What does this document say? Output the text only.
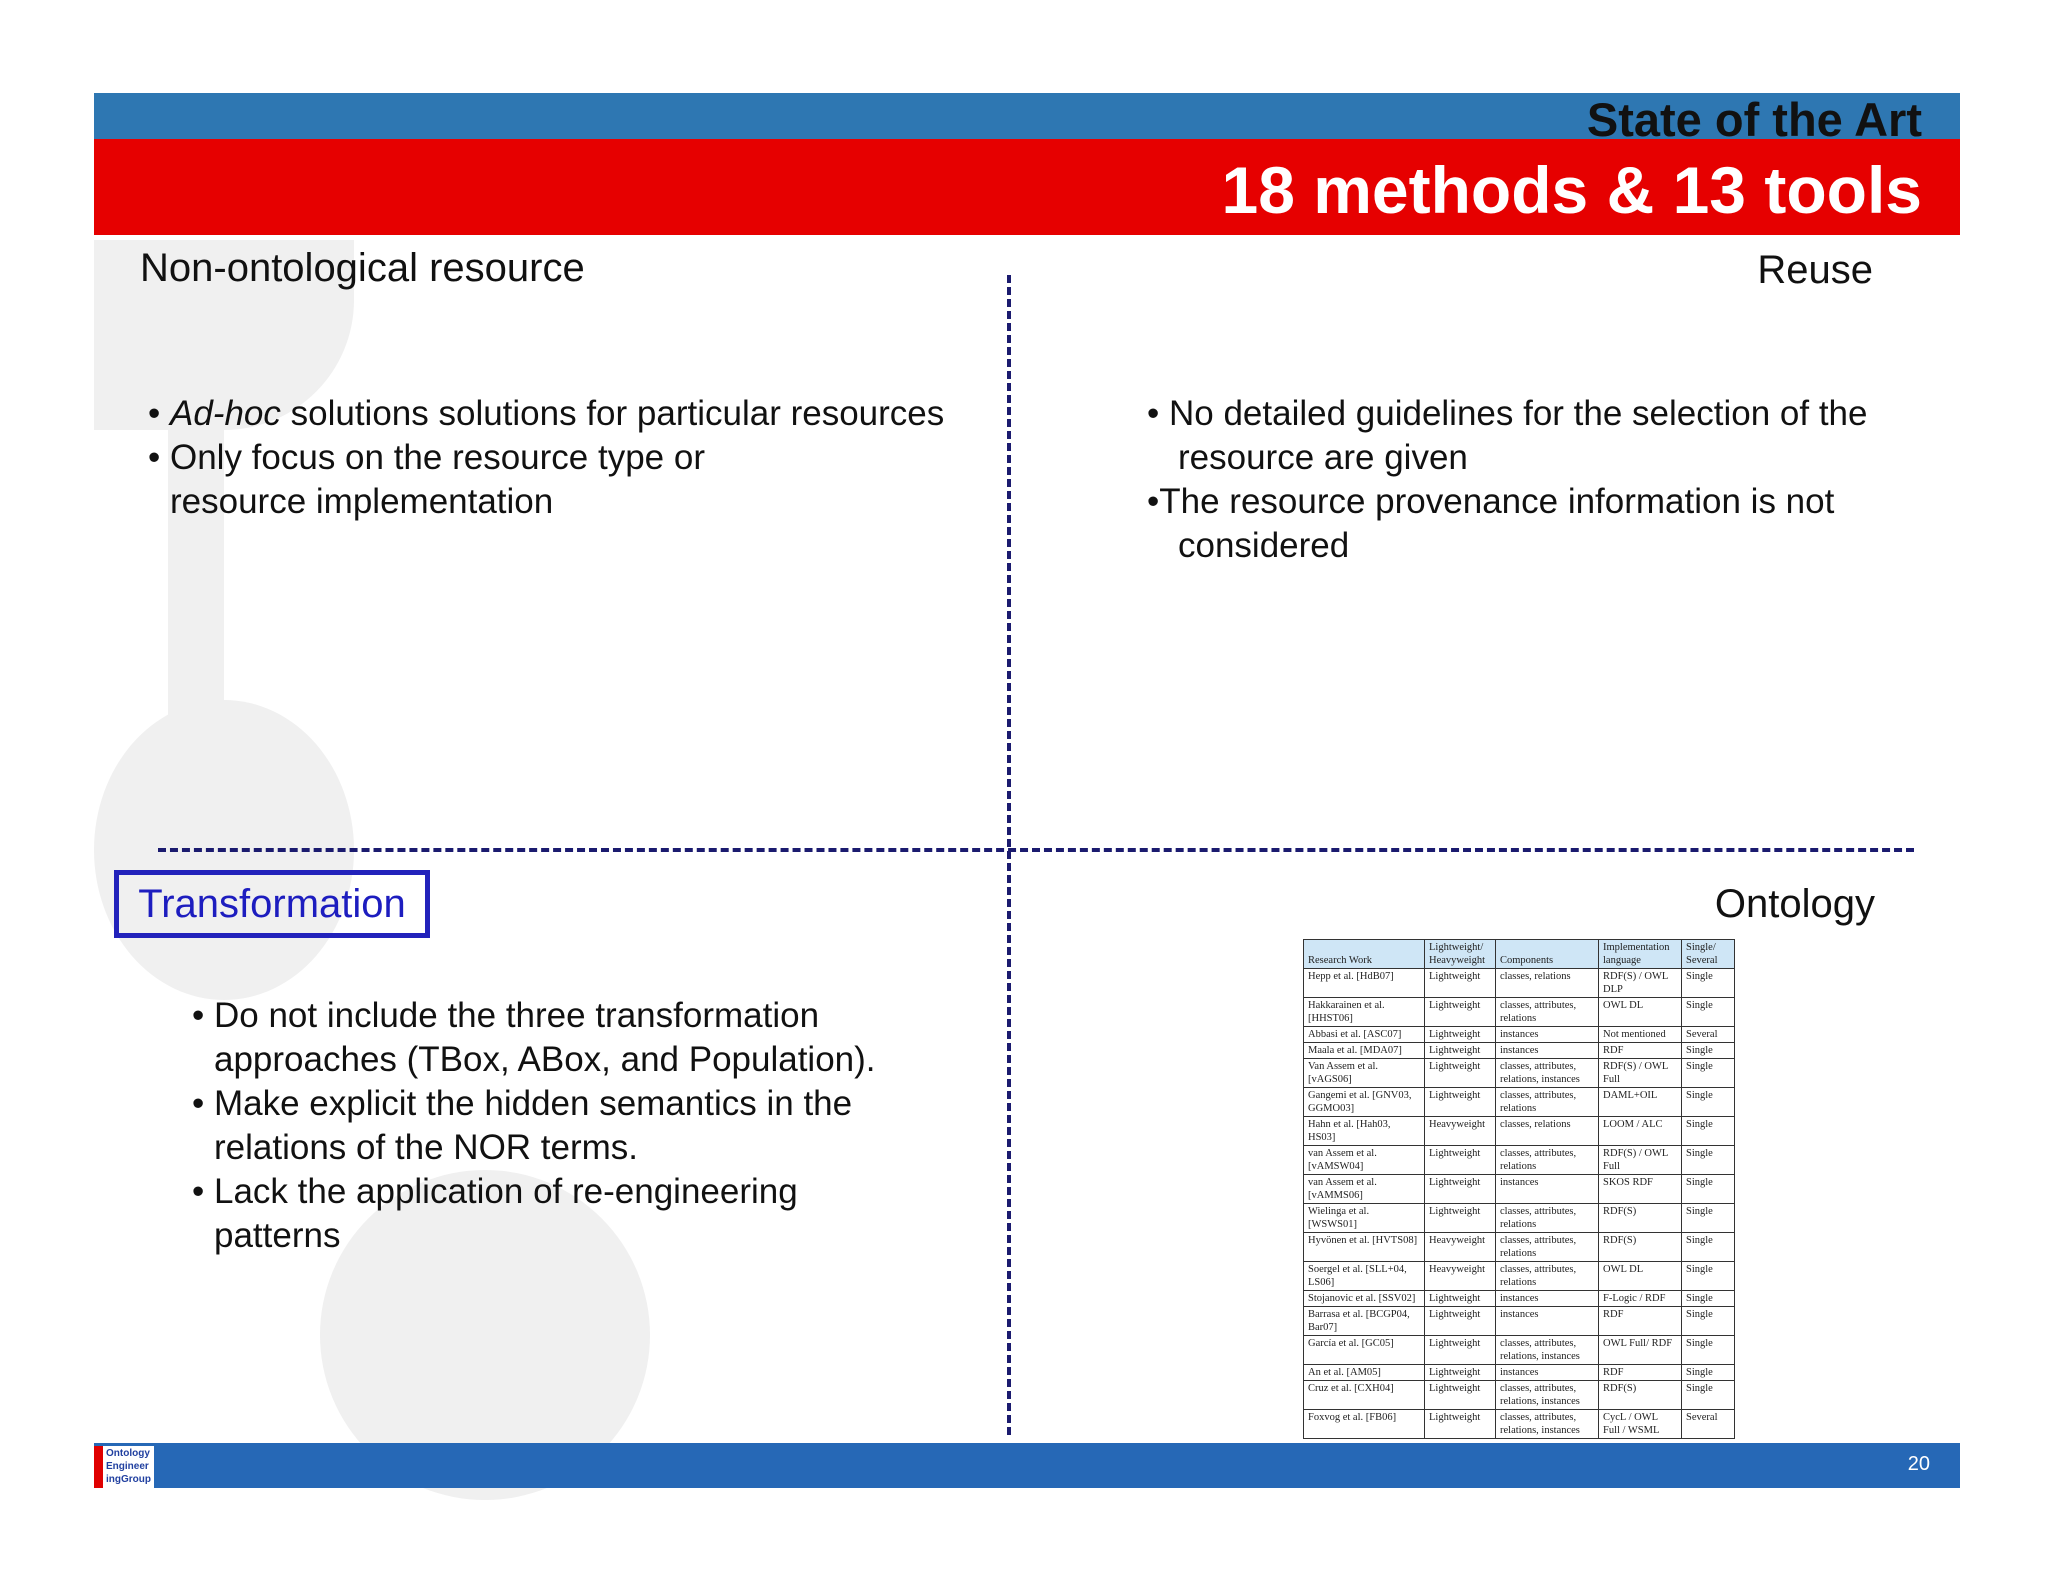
State of the Art
18 methods & 13 tools
Non-ontological resource	Reuse
Ontology
Transformation
• Ad-hoc solutions solutions for particular resources
• Only focus on the resource type or
resource implementation
• No detailed guidelines for the selection of the
resource are given
•The resource provenance information is not
considered
• Do not include the three transformation
approaches (TBox, ABox, and Population).
• Make explicit the hidden semantics in the
relations of the NOR terms.
• Lack the application of re-engineering
patterns
Research Work	Lightweight/ Heavyweight	Components	Implementation language	Single/ Several
Hepp et al. [HdB07]	Lightweight	classes, relations	RDF(S) / OWL DLP	Single
Hakkarainen et al. [HHST06]	Lightweight	classes, attributes, relations	OWL DL	Single
Abbasi et al. [ASC07]	Lightweight	instances	Not mentioned	Several
Maala et al. [MDA07]	Lightweight	instances	RDF	Single
Van Assem et al. [vAGS06]	Lightweight	classes, attributes, relations, instances	RDF(S) / OWL Full	Single
Gangemi et al. [GNV03, GGMO03]	Lightweight	classes, attributes, relations	DAML+OIL	Single
Hahn et al. [Hah03, HS03]	Heavyweight	classes, relations	LOOM / ALC	Single
van Assem et al. [vAMSW04]	Lightweight	classes, attributes, relations	RDF(S) / OWL Full	Single
van Assem et al. [vAMMS06]	Lightweight	instances	SKOS RDF	Single
Wielinga et al. [WSWS01]	Lightweight	classes, attributes, relations	RDF(S)	Single
Hyvönen et al. [HVTS08]	Heavyweight	classes, attributes, relations	RDF(S)	Single
Soergel et al. [SLL+04, LS06]	Heavyweight	classes, attributes, relations	OWL DL	Single
Stojanovic et al. [SSV02]	Lightweight	instances	F-Logic / RDF	Single
Barrasa et al. [BCGP04, Bar07]	Lightweight	instances	RDF	Single
García et al. [GC05]	Lightweight	classes, attributes, relations, instances	OWL Full/ RDF	Single
An et al. [AM05]	Lightweight	instances	RDF	Single
Cruz et al. [CXH04]	Lightweight	classes, attributes, relations, instances	RDF(S)	Single
Foxvog et al. [FB06]	Lightweight	classes, attributes, relations, instances	CycL / OWL Full / WSML	Several
20
Ontology
Engineer
ingGroup
